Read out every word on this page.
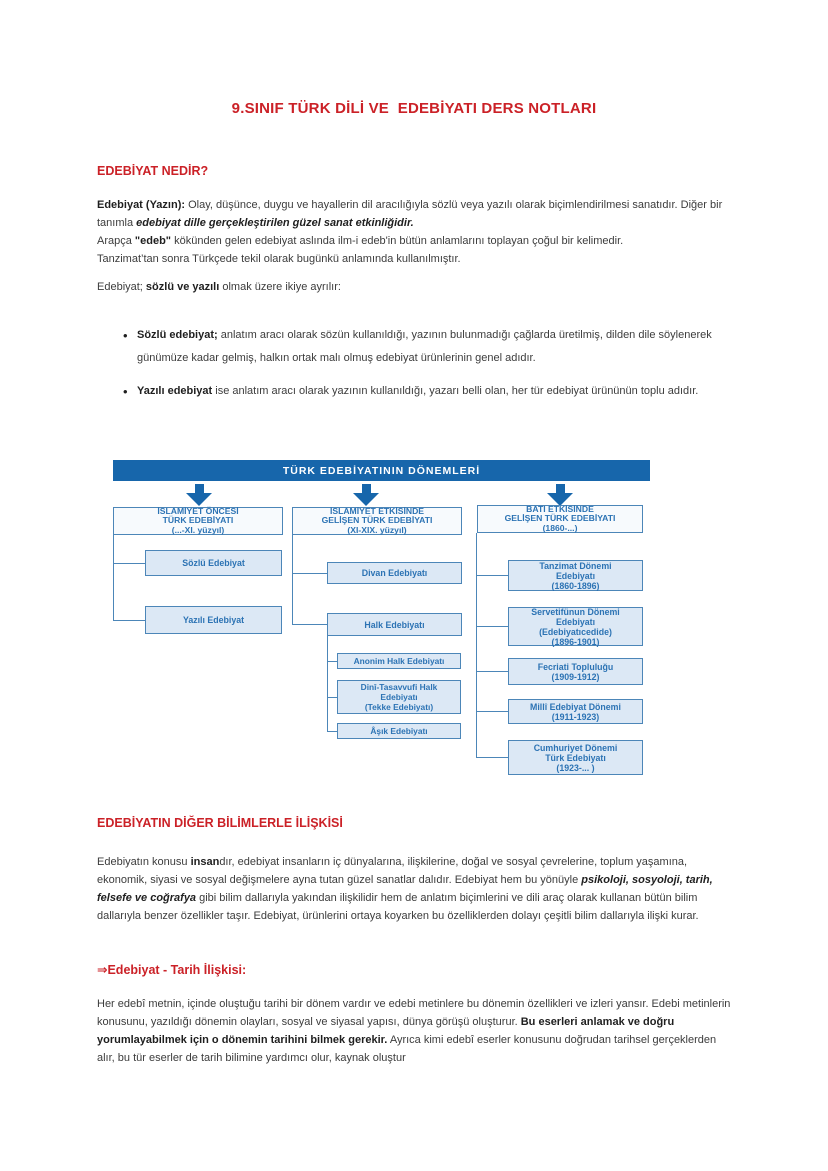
9.SINIF TÜRK DİLİ VE  EDEBİYATI DERS NOTLARI
EDEBİYAT NEDİR?
Edebiyat (Yazın): Olay, düşünce, duygu ve hayallerin dil aracılığıyla sözlü veya yazılı olarak biçimlendirilmesi sanatıdır. Diğer bir tanımla edebiyat dille gerçekleştirilen güzel sanat etkinliğidir.
Arapça "edeb" kökünden gelen edebiyat aslında ilm-i edeb'in bütün anlamlarını toplayan çoğul bir kelimedir.
Tanzimat’tan sonra Türkçede tekil olarak bugünkü anlamında kullanılmıştır.
Edebiyat; sözlü ve yazılı olmak üzere ikiye ayrılır:
• Sözlü edebiyat; anlatım aracı olarak sözün kullanıldığı, yazının bulunmadığı çağlarda üretilmiş, dilden dile söylenerek günümüze kadar gelmiş, halkın ortak malı olmuş edebiyat ürünlerinin genel adıdır.
• Yazılı edebiyat ise anlatım aracı olarak yazının kullanıldığı, yazarı belli olan, her tür edebiyat ürününün toplu adıdır.
TÜRK EDEBİYATININ DÖNEMLERİ
İSLAMİYET ÖNCESİ
TÜRK EDEBİYATI
(...-XI. yüzyıl)
İSLAMİYET ETKİSİNDE
GELİŞEN TÜRK EDEBİYATI
(XI-XIX. yüzyıl)
BATI ETKİSİNDE
GELİŞEN TÜRK EDEBİYATI
(1860-...)
Sözlü Edebiyat
Yazılı Edebiyat
Divan Edebiyatı
Halk Edebiyatı
Anonim Halk Edebiyatı
Dinî-Tasavvufi Halk
Edebiyatı
(Tekke Edebiyatı)
Âşık Edebiyatı
Tanzimat Dönemi
Edebiyatı
(1860-1896)
Servetifünun Dönemi
Edebiyatı
(Edebiyatıcedide)
(1896-1901)
Fecriati Topluluğu
(1909-1912)
Millî Edebiyat Dönemi
(1911-1923)
Cumhuriyet Dönemi
Türk Edebiyatı
(1923-... )
EDEBİYATIN DİĞER BİLİMLERLE İLİŞKİSİ
Edebiyatın konusu insandır, edebiyat insanların iç dünyalarına, ilişkilerine, doğal ve sosyal çevrelerine, toplum yaşamına, ekonomik, siyasi ve sosyal değişmelere ayna tutan güzel sanatlar dalıdır. Edebiyat hem bu yönüyle psikoloji, sosyoloji, tarih, felsefe ve coğrafya gibi bilim dallarıyla yakından ilişkilidir hem de anlatım biçimlerini ve dili araç olarak kullanan bütün bilim dallarıyla benzer özellikler taşır. Edebiyat, ürünlerini ortaya koyarken bu özelliklerden dolayı çeşitli bilim dallarıyla ilişki kurar.
⇒Edebiyat - Tarih İlişkisi:
Her edebî metnin, içinde oluştuğu tarihi bir dönem vardır ve edebi metinlere bu dönemin özellikleri ve izleri yansır. Edebi metinlerin konusunu, yazıldığı dönemin olayları, sosyal ve siyasal yapısı, dünya görüşü oluşturur. Bu eserleri anlamak ve doğru yorumlayabilmek için o dönemin tarihini bilmek gerekir. Ayrıca kimi edebî eserler konusunu doğrudan tarihsel gerçeklerden alır, bu tür eserler de tarih bilimine yardımcı olur, kaynak oluştur
